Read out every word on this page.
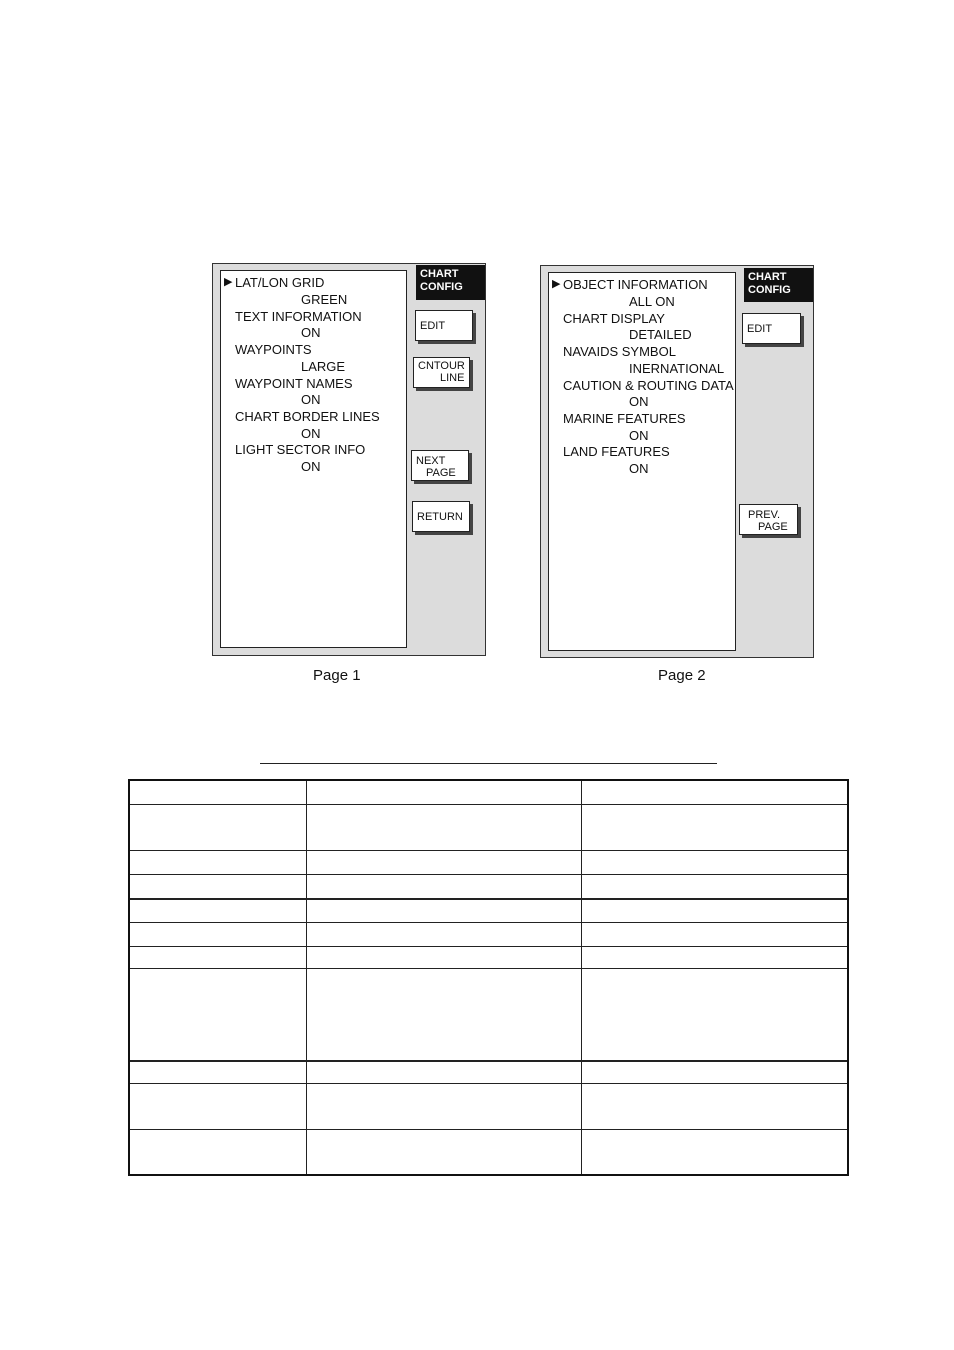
▶ LAT/LON GRID
GREEN
TEXT INFORMATION
ON
WAYPOINTS
LARGE
WAYPOINT NAMES
ON
CHART BORDER LINES
ON
LIGHT SECTOR INFO
ON
CHART
CONFIG
EDIT
CNTOUR
LINE
NEXT
PAGE
RETURN
Page 1
▶ OBJECT INFORMATION
ALL ON
CHART DISPLAY
DETAILED
NAVAIDS SYMBOL
INERNATIONAL
CAUTION & ROUTING DATA
ON
MARINE FEATURES
ON
LAND FEATURES
ON
CHART
CONFIG
EDIT
PREV.
PAGE
Page 2
